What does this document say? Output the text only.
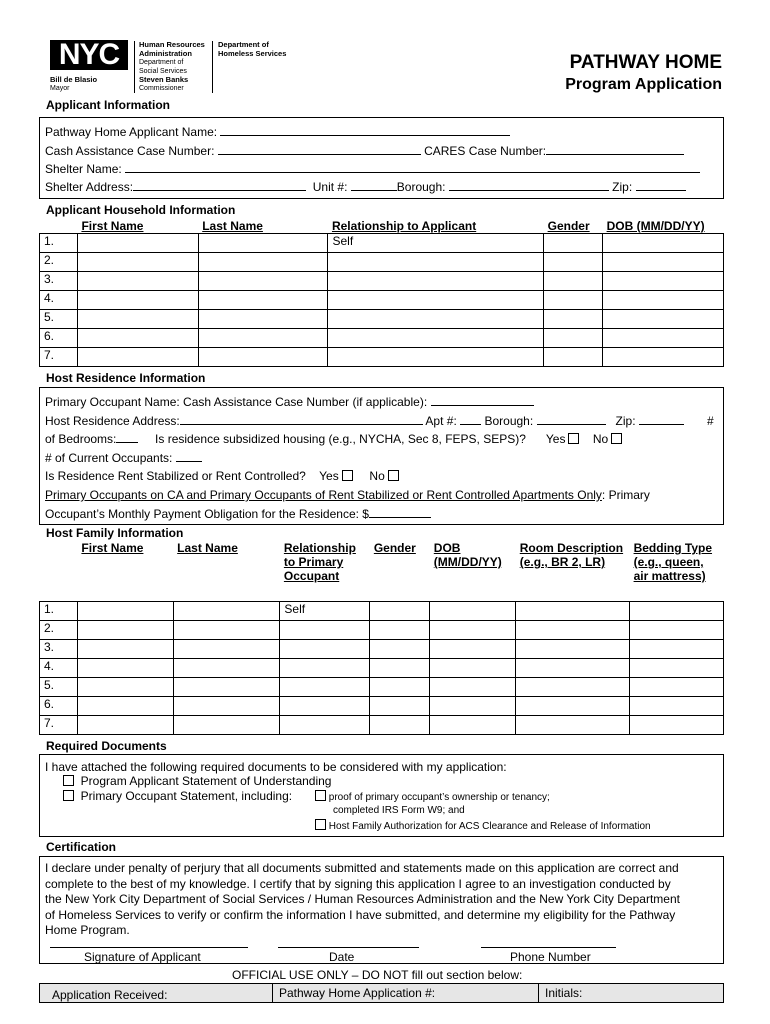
NYC	Human Resources
Administration
Department of
Social Services
Department of
Homeless Services
Bill de Blasio
Mayor
Steven Banks
Commissioner
PATHWAY HOME
Program Application
Applicant Information
Pathway Home Applicant Name:
Cash Assistance Case Number:	CARES Case Number:
Shelter Name:
Shelter Address:	Unit #:	Borough:	Zip:
Applicant Household Information
	First Name	Last Name	Relationship to Applicant	Gender	DOB (MM/DD/YY)
1.			Self		
2.					
3.					
4.					
5.					
6.					
7.					
Host Residence Information
Primary Occupant Name: Cash Assistance Case Number (if applicable):
Host Residence Address:	Apt #: Borough:	Zip:	#
of Bedrooms:	Is residence subsidized housing (e.g., NYCHA, Sec 8, FEPS, SEPS)? Yes No
# of Current Occupants:
Is Residence Rent Stabilized or Rent Controlled? Yes	No
Primary Occupants on CA and Primary Occupants of Rent Stabilized or Rent Controlled Apartments Only: Primary
Occupant’s Monthly Payment Obligation for the Residence: $
Host Family Information
	First Name	Last Name	Relationship to Primary Occupant	Gender	DOB (MM/DD/YY)	Room Description (e.g., BR 2, LR)	Bedding Type (e.g., queen, air mattress)
1.			Self				
2.							
3.							
4.							
5.							
6.							
7.							
Required Documents
I have attached the following required documents to be considered with my application:
Program Applicant Statement of Understanding
Primary Occupant Statement, including:	proof of primary occupant’s ownership or tenancy;
completed IRS Form W9; and
Host Family Authorization for ACS Clearance and Release of Information
Certification
I declare under penalty of perjury that all documents submitted and statements made on this application are correct and
complete to the best of my knowledge. I certify that by signing this application I agree to an investigation conducted by
the New York City Department of Social Services / Human Resources Administration and the New York City Department
of Homeless Services to verify or confirm the information I have submitted, and determine my eligibility for the Pathway
Home Program.
Signature of Applicant	Date	Phone Number
OFFICIAL USE ONLY – DO NOT fill out section below:
Application Received:	Pathway Home Application #:	Initials:
